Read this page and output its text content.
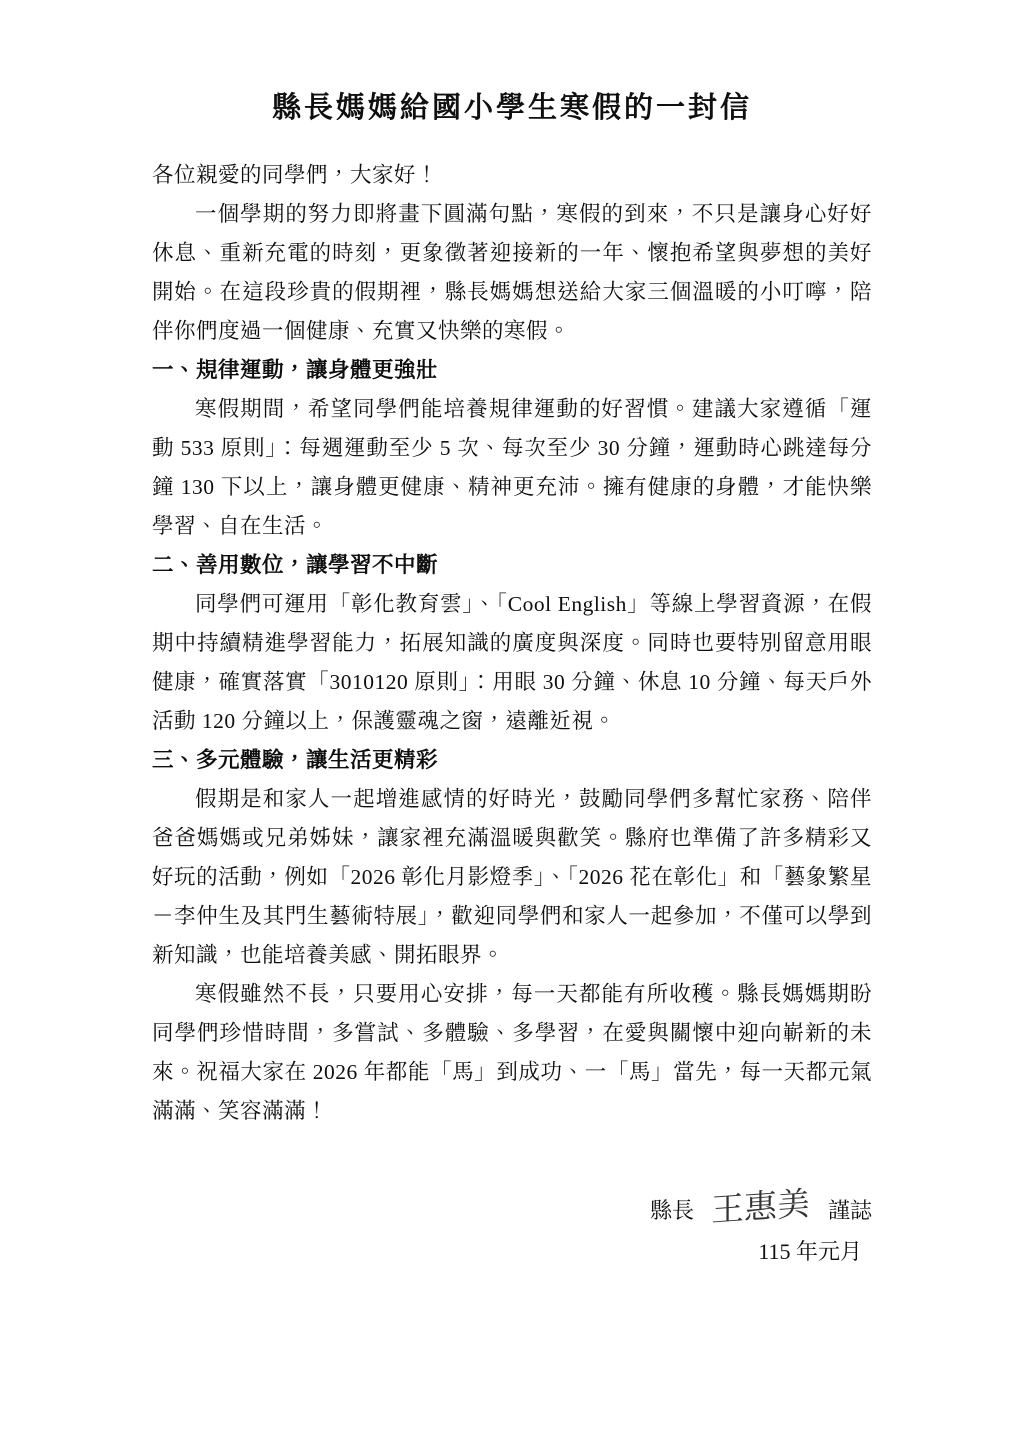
縣長媽媽給國小學生寒假的一封信

各位親愛的同學們，大家好！

一個學期的努力即將畫下圓滿句點，寒假的到來，不只是讓身心好好休息、重新充電的時刻，更象徵著迎接新的一年、懷抱希望與夢想的美好開始。在這段珍貴的假期裡，縣長媽媽想送給大家三個溫暖的小叮嚀，陪伴你們度過一個健康、充實又快樂的寒假。

一、規律運動，讓身體更強壯

寒假期間，希望同學們能培養規律運動的好習慣。建議大家遵循「運動 533 原則」：每週運動至少 5 次、每次至少 30 分鐘，運動時心跳達每分鐘 130 下以上，讓身體更健康、精神更充沛。擁有健康的身體，才能快樂學習、自在生活。

二、善用數位，讓學習不中斷

同學們可運用「彰化教育雲」、「Cool English」等線上學習資源，在假期中持續精進學習能力，拓展知識的廣度與深度。同時也要特別留意用眼健康，確實落實「3010120 原則」：用眼 30 分鐘、休息 10 分鐘、每天戶外活動 120 分鐘以上，保護靈魂之窗，遠離近視。

三、多元體驗，讓生活更精彩

假期是和家人一起增進感情的好時光，鼓勵同學們多幫忙家務、陪伴爸爸媽媽或兄弟姊妹，讓家裡充滿溫暖與歡笑。縣府也準備了許多精彩又好玩的活動，例如「2026 彰化月影燈季」、「2026 花在彰化」和「藝象繁星－李仲生及其門生藝術特展」，歡迎同學們和家人一起參加，不僅可以學到新知識，也能培養美感、開拓眼界。

寒假雖然不長，只要用心安排，每一天都能有所收穫。縣長媽媽期盼同學們珍惜時間，多嘗試、多體驗、多學習，在愛與關懷中迎向嶄新的未來。祝福大家在 2026 年都能「馬」到成功、一「馬」當先，每一天都元氣滿滿、笑容滿滿！

縣長 王惠美 謹誌
115 年元月
